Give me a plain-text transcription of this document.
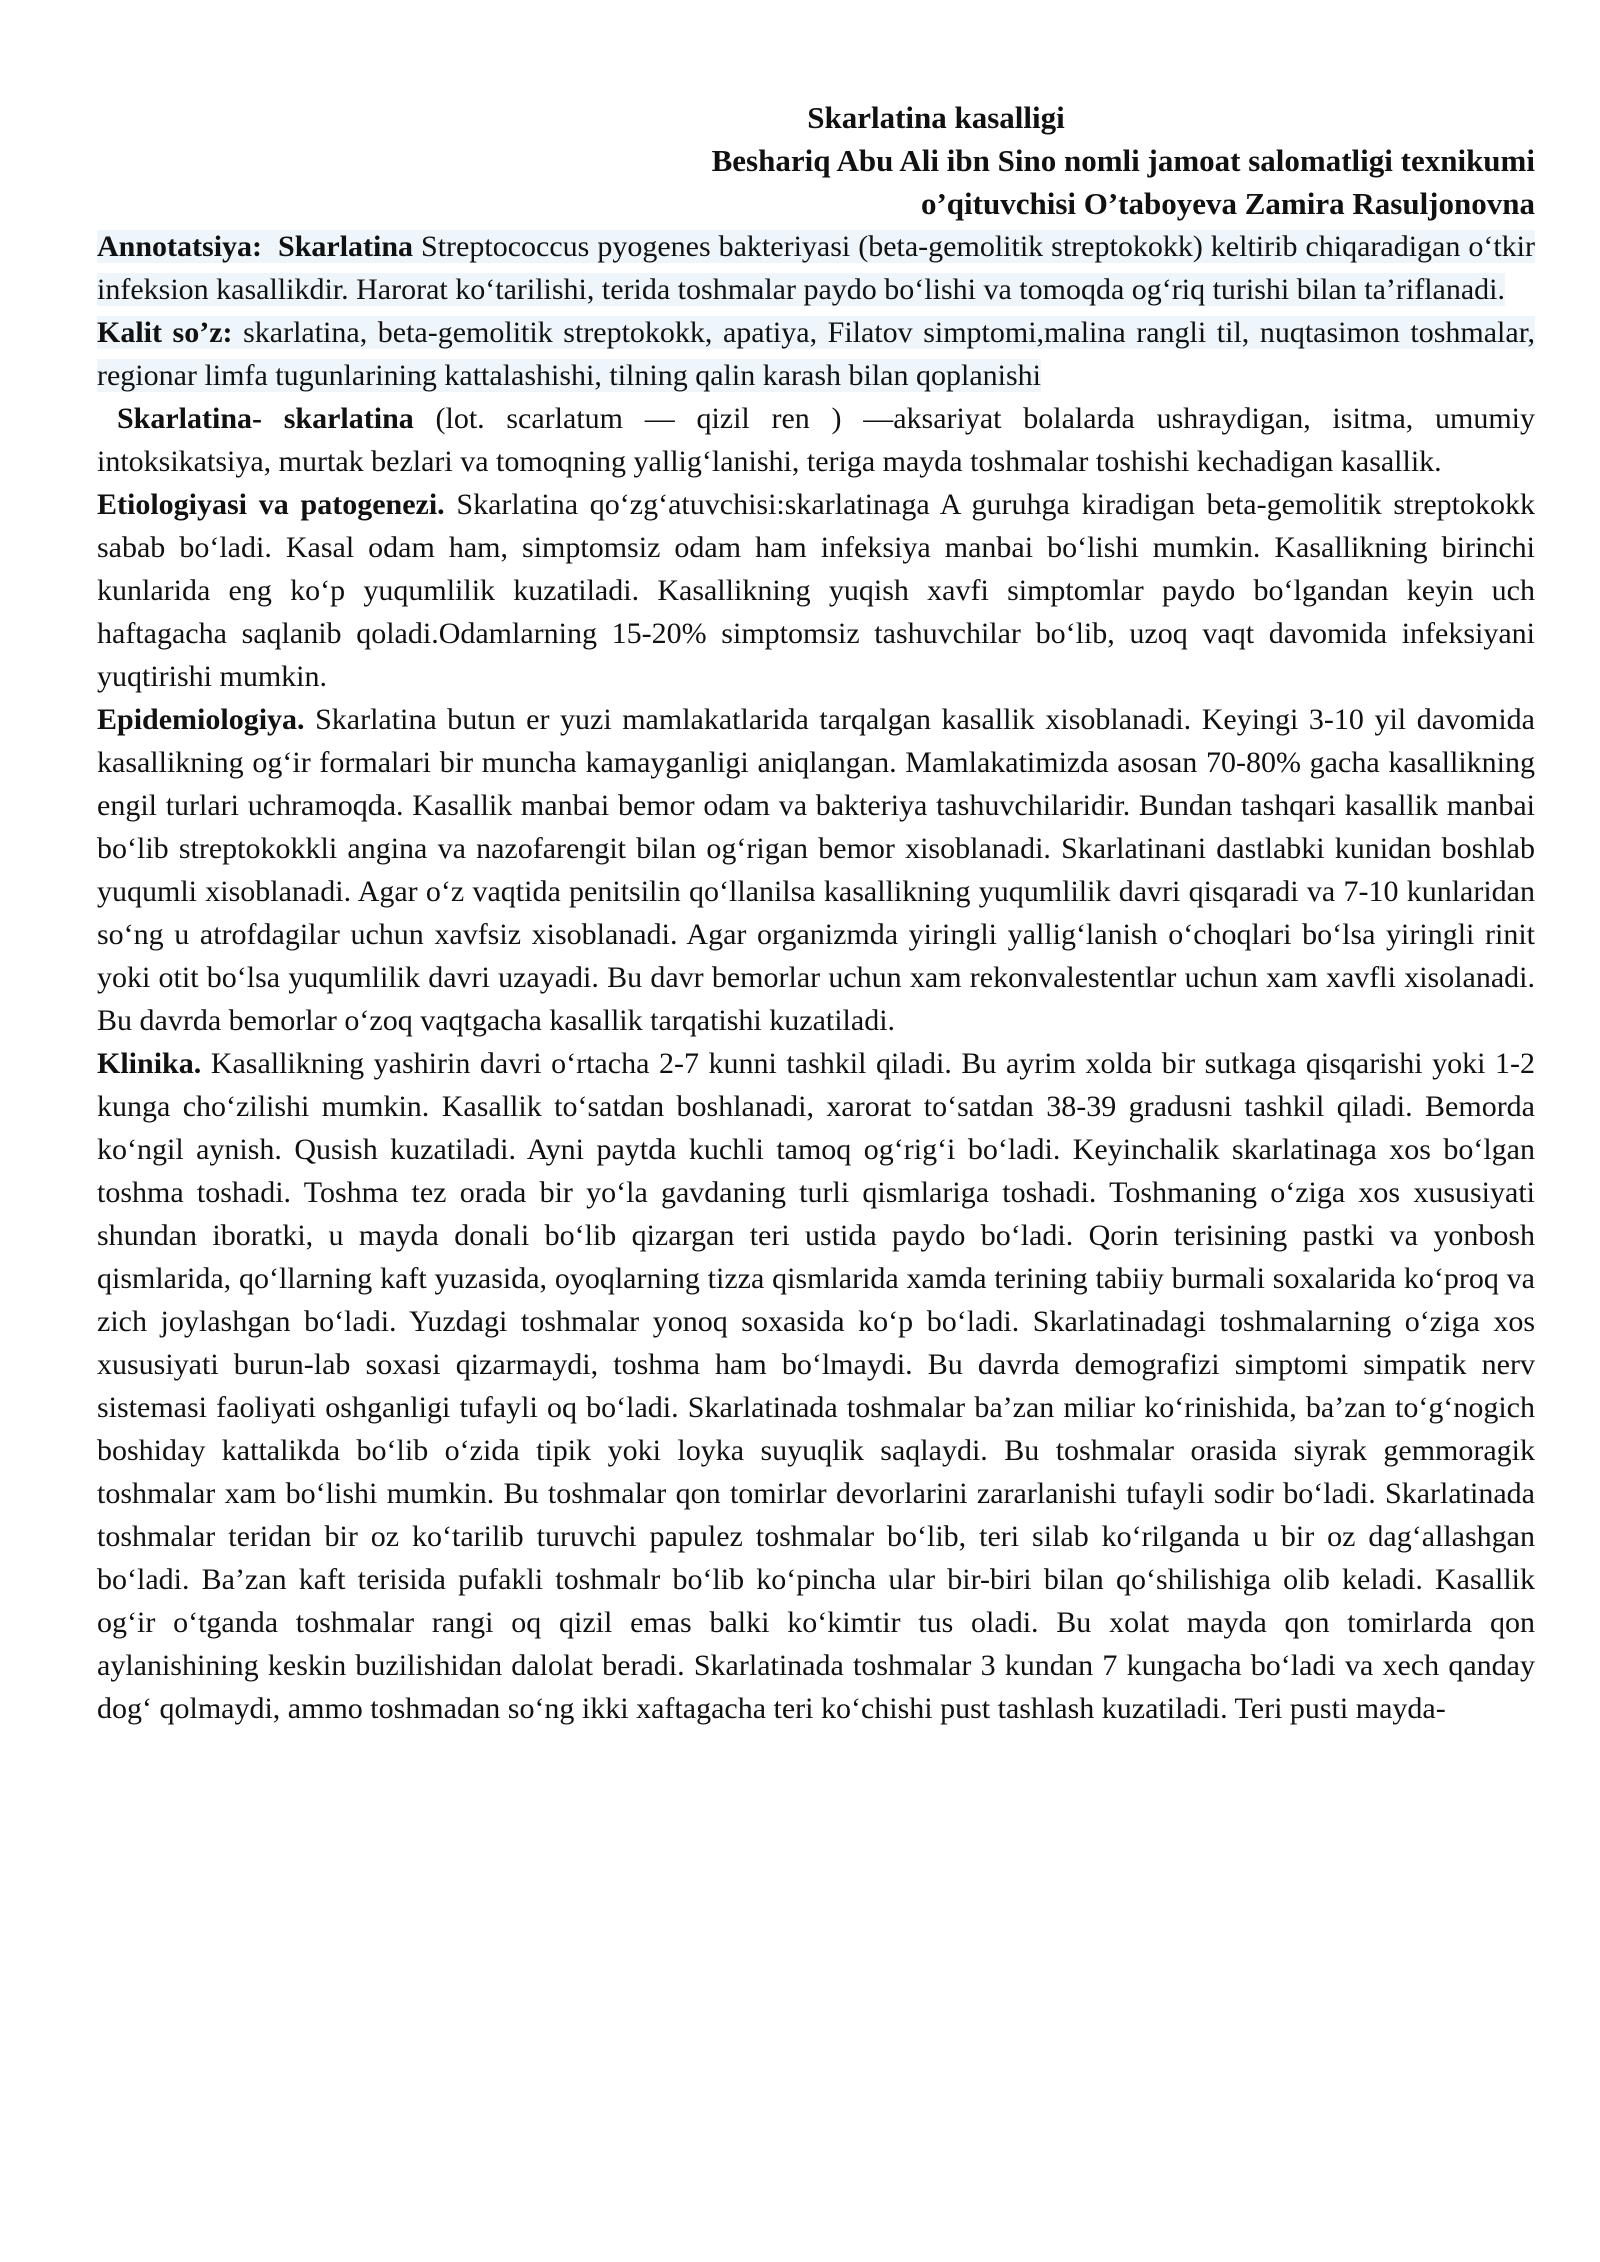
Skarlatina kasalligi

Beshariq Abu Ali ibn Sino nomli jamoat salomatligi texnikumi
o’qituvchisi O’taboyeva Zamira Rasuljonovna

Annotatsiya: Skarlatina Streptococcus pyogenes bakteriyasi (beta-gemolitik streptokokk) keltirib chiqaradigan o‘tkir infeksion kasallikdir. Harorat ko‘tarilishi, terida toshmalar paydo bo‘lishi va tomoqda og‘riq turishi bilan ta’riflanadi.

Kalit so’z: skarlatina, beta-gemolitik streptokokk, apatiya, Filatov simptomi,malina rangli til, nuqtasimon toshmalar, regionar limfa tugunlarining kattalashishi, tilning qalin karash bilan qoplanishi

Skarlatina- skarlatina (lot. scarlatum — qizil ren ) —aksariyat bolalarda ushraydigan, isitma, umumiy intoksikatsiya, murtak bezlari va tomoqning yallig‘lanishi, teriga mayda toshmalar toshishi kechadigan kasallik.

Etiologiyasi va patogenezi. Skarlatina qo‘zg‘atuvchisi:skarlatinaga A guruhga kiradigan beta-gemolitik streptokokk sabab bo‘ladi. Kasal odam ham, simptomsiz odam ham infeksiya manbai bo‘lishi mumkin. Kasallikning birinchi kunlarida eng ko‘p yuqumlilik kuzatiladi. Kasallikning yuqish xavfi simptomlar paydo bo‘lgandan keyin uch haftagacha saqlanib qoladi.Odamlarning 15-20% simptomsiz tashuvchilar bo‘lib, uzoq vaqt davomida infeksiyani yuqtirishi mumkin.

Epidemiologiya. Skarlatina butun er yuzi mamlakatlarida tarqalgan kasallik xisoblanadi. Keyingi 3-10 yil davomida kasallikning og‘ir formalari bir muncha kamayganligi aniqlangan. Mamlakatimizda asosan 70-80% gacha kasallikning engil turlari uchramoqda. Kasallik manbai bemor odam va bakteriya tashuvchilaridir. Bundan tashqari kasallik manbai bo‘lib streptokokkli angina va nazofarengit bilan og‘rigan bemor xisoblanadi. Skarlatinani dastlabki kunidan boshlab yuqumli xisoblanadi. Agar o‘z vaqtida penitsilin qo‘llanilsa kasallikning yuqumlilik davri qisqaradi va 7-10 kunlaridan so‘ng u atrofdagilar uchun xavfsiz xisoblanadi. Agar organizmda yiringli yallig‘lanish o‘choqlari bo‘lsa yiringli rinit yoki otit bo‘lsa yuqumlilik davri uzayadi. Bu davr bemorlar uchun xam rekonvalestentlar uchun xam xavfli xisolanadi. Bu davrda bemorlar o‘zoq vaqtgacha kasallik tarqatishi kuzatiladi.

Klinika. Kasallikning yashirin davri o‘rtacha 2-7 kunni tashkil qiladi. Bu ayrim xolda bir sutkaga qisqarishi yoki 1-2 kunga cho‘zilishi mumkin. Kasallik to‘satdan boshlanadi, xarorat to‘satdan 38-39 gradusni tashkil qiladi. Bemorda ko‘ngil aynish. Qusish kuzatiladi. Ayni paytda kuchli tamoq og‘rig‘i bo‘ladi. Keyinchalik skarlatinaga xos bo‘lgan toshma toshadi. Toshma tez orada bir yo‘la gavdaning turli qismlariga toshadi. Toshmaning o‘ziga xos xususiyati shundan iboratki, u mayda donali bo‘lib qizargan teri ustida paydo bo‘ladi. Qorin terisining pastki va yonbosh qismlarida, qo‘llarning kaft yuzasida, oyoqlarning tizza qismlarida xamda terining tabiiy burmali soxalarida ko‘proq va zich joylashgan bo‘ladi. Yuzdagi toshmalar yonoq soxasida ko‘p bo‘ladi. Skarlatinadagi toshmalarning o‘ziga xos xususiyati burun-lab soxasi qizarmaydi, toshma ham bo‘lmaydi. Bu davrda demografizi simptomi simpatik nerv sistemasi faoliyati oshganligi tufayli oq bo‘ladi. Skarlatinada toshmalar ba’zan miliar ko‘rinishida, ba’zan to‘g‘nogich boshiday kattalikda bo‘lib o‘zida tipik yoki loyka suyuqlik saqlaydi. Bu toshmalar orasida siyrak gemmoragik toshmalar xam bo‘lishi mumkin. Bu toshmalar qon tomirlar devorlarini zararlanishi tufayli sodir bo‘ladi. Skarlatinada toshmalar teridan bir oz ko‘tarilib turuvchi papulez toshmalar bo‘lib, teri silab ko‘rilganda u bir oz dag‘allashgan bo‘ladi. Ba’zan kaft terisida pufakli toshmalr bo‘lib ko‘pincha ular bir-biri bilan qo‘shilishiga olib keladi. Kasallik og‘ir o‘tganda toshmalar rangi oq qizil emas balki ko‘kimtir tus oladi. Bu xolat mayda qon tomirlarda qon aylanishining keskin buzilishidan dalolat beradi. Skarlatinada toshmalar 3 kundan 7 kungacha bo‘ladi va xech qanday dog‘ qolmaydi, ammo toshmadan so‘ng ikki xaftagacha teri ko‘chishi pust tashlash kuzatiladi. Teri pusti mayda-
